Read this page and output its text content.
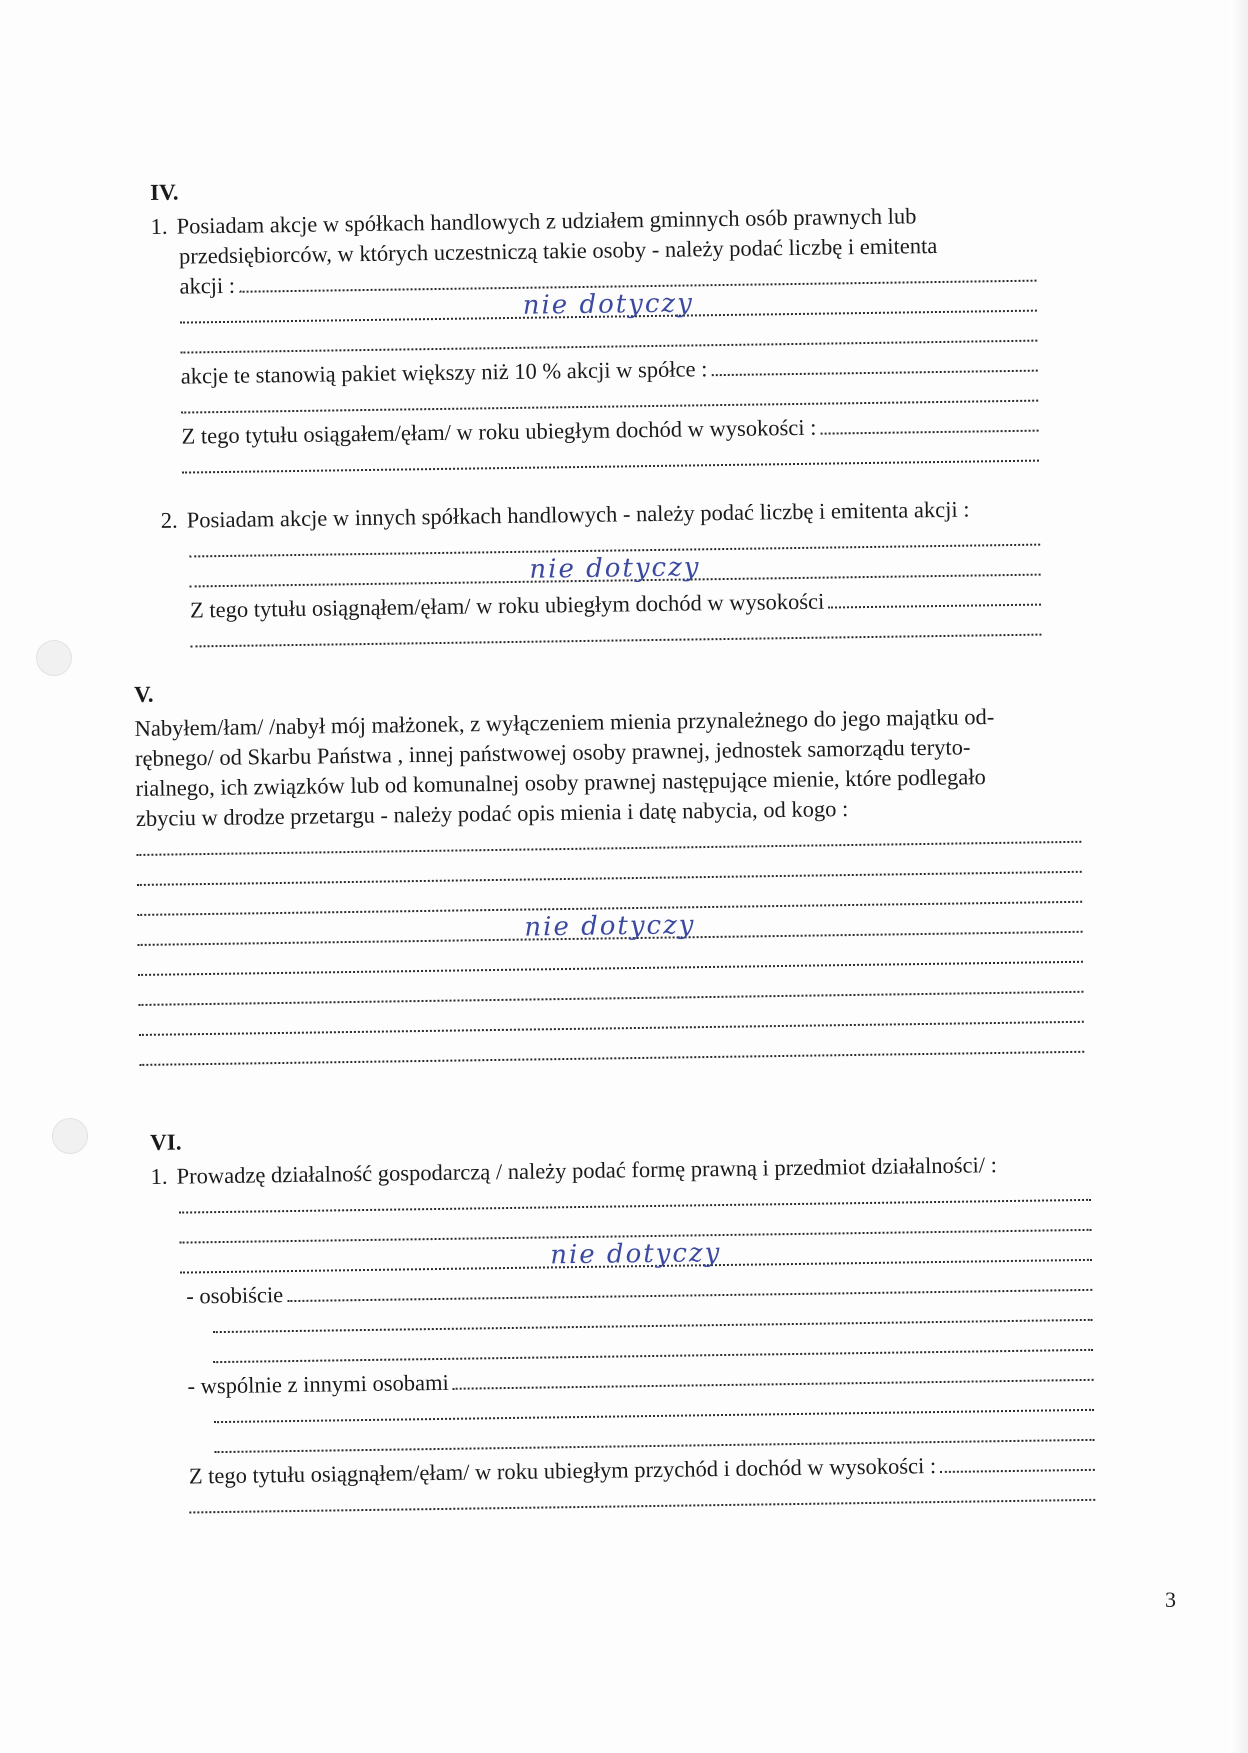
IV.
1. Posiadam akcje w spółkach handlowych z udziałem gminnych osób prawnych lub
przedsiębiorców, w których uczestniczą takie osoby - należy podać liczbę i emitenta
akcji :
nie dotyczy
akcje te stanowią pakiet większy niż 10 % akcji w spółce :
Z tego tytułu osiągałem/ęłam/ w roku ubiegłym dochód w wysokości :
2. Posiadam akcje w innych spółkach handlowych - należy podać liczbę i emitenta akcji :
nie dotyczy
Z tego tytułu osiągnąłem/ęłam/ w roku ubiegłym dochód w wysokości
V.
Nabyłem/łam/ /nabył mój małżonek, z wyłączeniem mienia przynależnego do jego majątku od-
rębnego/ od Skarbu Państwa , innej państwowej osoby prawnej, jednostek samorządu teryto-
rialnego, ich związków lub od komunalnej osoby prawnej następujące mienie, które podlegało
zbyciu w drodze przetargu - należy podać opis mienia i datę nabycia, od kogo :
nie dotyczy
VI.
1. Prowadzę działalność gospodarczą / należy podać formę prawną i przedmiot działalności/ :
nie dotyczy
- osobiście
- wspólnie z innymi osobami
Z tego tytułu osiągnąłem/ęłam/ w roku ubiegłym przychód i dochód w wysokości :
3
